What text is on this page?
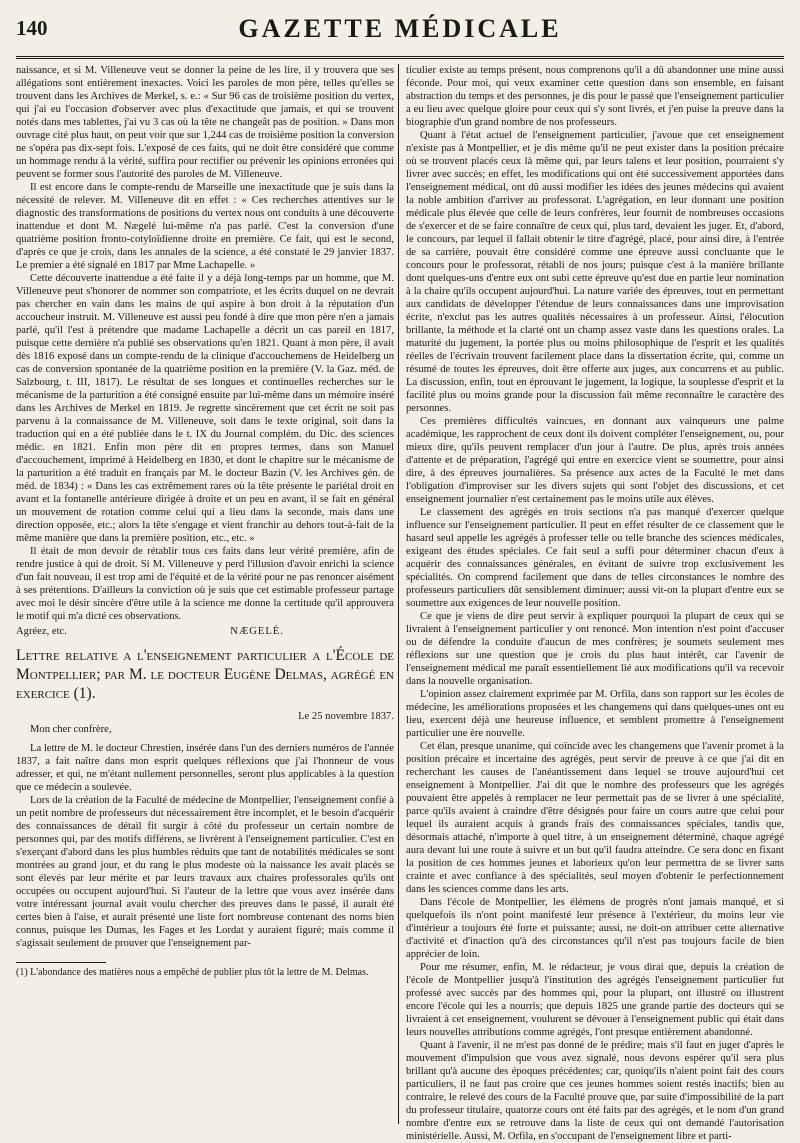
140	GAZETTE MÉDICALE

naissance, et si M. Villeneuve veut se donner la peine de les lire, il y trouvera que ses allégations sont entièrement inexactes. Voici les paroles de mon père, telles qu'elles se trouvent dans les Archives de Merkel, s. e.: « Sur 96 cas de troisième position du vertex, qui j'ai eu l'occasion d'observer avec plus d'exactitude que jamais, et qui se trouvent notés dans mes tablettes, j'ai vu 3 cas où la tête ne changeât pas de position. » Dans mon ouvrage cité plus haut, on peut voir que sur 1,244 cas de troisième position la conversion ne s'opéra pas dix-sept fois. L'exposé de ces faits, qui ne doit être considéré que comme un hommage rendu à la vérité, suffira pour rectifier ou prévenir les opinions erronées qui peuvent se former sous l'autorité des paroles de M. Villeneuve.

Il est encore dans le compte-rendu de Marseille une inexactitude que je suis dans la nécessité de relever. M. Villeneuve dit en effet : « Ces recherches attentives sur le diagnostic des transformations de positions du vertex nous ont conduits à une découverte inattendue et dont M. Nægelé lui-même n'a pas parlé. C'est la conversion d'une quatrième position fronto-cotyloïdienne droite en première. Ce fait, qui est le second, d'après ce que je crois, dans les annales de la science, a été constaté le 29 janvier 1837. Le premier a été signalé en 1817 par Mme Lachapelle. »

Cette découverte inattendue a été faite il y a déjà long-temps par un homme, que M. Villeneuve peut s'honorer de nommer son compatriote, et les écrits duquel on ne devrait pas chercher en vain dans les mains de qui aspire à bon droit à la réputation d'un accoucheur instruit. M. Villeneuve est aussi peu fondé à dire que mon père n'en a jamais parlé, qu'il l'est à prétendre que madame Lachapelle a décrit un cas pareil en 1817, puisque cette dernière n'a publié ses observations qu'en 1821. Quant à mon père, il avait dès 1816 exposé dans un compte-rendu de la clinique d'accouchemens de Heidelberg un cas de conversion spontanée de la quatrième position en la première (V. la Gaz. méd. de Salzbourg, t. III, 1817). Le résultat de ses longues et continuelles recherches sur le mécanisme de la parturition a été consigné ensuite par lui-même dans un mémoire inséré dans les Archives de Merkel en 1819. Je regrette sincèrement que cet écrit ne soit pas parvenu à la connaissance de M. Villeneuve, soit dans le texte original, soit dans la traduction qui en a été publiée dans le t. IX du Journal complém. du Dic. des sciences médic. en 1821. Enfin mon père dit en propres termes, dans son Manuel d'accouchement, imprimé à Heidelberg en 1830, et dont le chapitre sur le mécanisme de la parturition a été traduit en français par M. le docteur Bazin (V. les Archives gén. de méd. de 1834) : « Dans les cas extrêmement rares où la tête présente le pariétal droit en avant et la fontanelle antérieure dirigée à droite et un peu en avant, il se fait en général un mouvement de rotation comme celui qui a lieu dans la seconde, mais dans une direction opposée, etc.; alors la tête s'engage et vient franchir au dehors tout-à-fait de la même manière que dans la première position, etc., etc. »

Il était de mon devoir de rétablir tous ces faits dans leur vérité première, afin de rendre justice à qui de droit. Si M. Villeneuve y perd l'illusion d'avoir enrichi la science d'un fait nouveau, il est trop ami de l'équité et de la vérité pour ne pas renoncer aisément à ses prétentions. D'ailleurs la conviction où je suis que cet estimable professeur partage avec moi le désir sincère d'être utile à la science me donne la certitude qu'il approuvera le motif qui m'a dicté ces observations.

Agréez, etc.	NÆGELÉ.

Lettre relative a l'enseignement particulier a l'École de Montpellier; par M. le docteur Eugène Delmas, agrégé en exercice (1).

Le 25 novembre 1837.

Mon cher confrère,

La lettre de M. le docteur Chrestien, insérée dans l'un des derniers numéros de l'année 1837, a fait naître dans mon esprit quelques réflexions que j'ai l'honneur de vous adresser, et qui, ne m'étant nullement personnelles, seront plus applicables à la question que ce médecin a soulevée.

Lors de la création de la Faculté de médecine de Montpellier, l'enseignement confié à un petit nombre de professeurs dut nécessairement être incomplet, et le besoin d'acquérir des connaissances de détail fit surgir à côté du professeur un certain nombre de personnes qui, par des motifs différens, se livrèrent à l'enseignement particulier. C'est en s'exerçant d'abord dans les plus humbles réduits que tant de notabilités médicales se sont montrées au grand jour, et du rang le plus modeste où la naissance les avait placés se sont élevés par leur mérite et par leurs travaux aux chaires professorales qu'ils ont occupées ou occupent aujourd'hui. Si l'auteur de la lettre que vous avez insérée dans votre intéressant journal avait voulu chercher des preuves dans le passé, il aurait été certes bien à l'aise, et aurait présenté une liste fort nombreuse contenant des noms bien connus, puisque les Dumas, les Fages et les Lordat y auraient figuré; mais comme il s'agissait seulement de prouver que l'enseignement par-

(1) L'abondance des matières nous a empêché de publier plus tôt la lettre de M. Delmas.

ticulier existe au temps présent, nous comprenons qu'il a dû abandonner une mine aussi féconde. Pour moi, qui veux examiner cette question dans son ensemble, en faisant abstraction du temps et des personnes, je dis pour le passé que l'enseignement particulier a eu lieu avec quelque gloire pour ceux qui s'y sont livrés, et j'en puise la preuve dans la biographie d'un grand nombre de nos professeurs.

Quant à l'état actuel de l'enseignement particulier, j'avoue que cet enseignement n'existe pas à Montpellier, et je dis même qu'il ne peut exister dans la position précaire où se trouvent placés ceux là même qui, par leurs talens et leur position, pourraient s'y livrer avec succès; en effet, les modifications qui ont été successivement apportées dans l'enseignement médical, ont dû aussi modifier les idées des jeunes médecins qui avaient la noble ambition d'arriver au professorat. L'agrégation, en leur donnant une position médicale plus élevée que celle de leurs confrères, leur fournit de nombreuses occasions de s'exercer et de se faire connaître de ceux qui, plus tard, devaient les juger. Et, d'abord, le concours, par lequel il fallait obtenir le titre d'agrégé, placé, pour ainsi dire, à l'entrée de sa carrière, pouvait être considéré comme une épreuve aussi concluante que le concours pour le professorat, rétabli de nos jours; puisque c'est à la manière brillante dont quelques-uns d'entre eux ont subi cette épreuve qu'est due en partie leur nomination à la chaire qu'ils occupent aujourd'hui. La nature variée des épreuves, tout en permettant aux candidats de développer l'étendue de leurs connaissances dans une improvisation écrite, n'exclut pas les autres qualités nécessaires à un professeur. Ainsi, l'élocution brillante, la méthode et la clarté ont un champ assez vaste dans les questions orales. La maturité du jugement, la portée plus ou moins philosophique de l'esprit et les qualités réelles de l'écrivain trouvent facilement place dans la dissertation écrite, qui, comme un résumé de toutes les épreuves, doit être offerte aux juges, aux concurrens et au public. La discussion, enfin, tout en éprouvant le jugement, la logique, la souplesse d'esprit et la facilité plus ou moins grande pour la discussion fait même reconnaître le caractère des personnes.

Ces premières difficultés vaincues, en donnant aux vainqueurs une palme académique, les rapprochent de ceux dont ils doivent compléter l'enseignement, ou, pour mieux dire, qu'ils peuvent remplacer d'un jour à l'autre. De plus, après trois années d'attente et de préparation, l'agrégé qui entre en exercice vient se soumettre, pour ainsi dire, à des épreuves journalières. Sa présence aux actes de la Faculté le met dans l'obligation d'improviser sur les divers sujets qui sont l'objet des discussions, et cet enseignement journalier n'est certainement pas le moins utile aux élèves.

Le classement des agrégés en trois sections n'a pas manqué d'exercer quelque influence sur l'enseignement particulier. Il peut en effet résulter de ce classement que le hasard seul appelle les agrégés à professer telle ou telle branche des sciences médicales, exigeant des études spéciales. Ce fait seul a suffi pour déterminer chacun d'eux à acquérir des connaissances générales, en évitant de suivre trop exclusivement les spécialités. On comprend facilement que dans de telles circonstances le nombre des professeurs particuliers dût sensiblement diminuer; aussi vit-on la plupart d'entre eux se soumettre aux exigences de leur nouvelle position.

Ce que je viens de dire peut servir à expliquer pourquoi la plupart de ceux qui se livraient à l'enseignement particulier y ont renoncé. Mon intention n'est point d'accuser ou de défendre la conduite d'aucun de mes confrères; je soumets seulement mes réflexions sur une question que je crois du plus haut intérêt, car l'avenir de l'enseignement médical me paraît essentiellement lié aux modifications qu'il va recevoir dans la nouvelle organisation.

L'opinion assez clairement exprimée par M. Orfila, dans son rapport sur les écoles de médecine, les améliorations proposées et les changemens qui dans quelques-unes ont eu lieu, exercent déjà une heureuse influence, et semblent promettre à l'enseignement particulier une ère nouvelle.

Cet élan, presque unanime, qui coïncide avec les changemens que l'avenir promet à la position précaire et incertaine des agrégés, peut servir de preuve à ce que j'ai dit en recherchant les causes de l'anéantissement dans lequel se trouve aujourd'hui cet enseignement à Montpellier. J'ai dit que le nombre des professeurs que les agrégés pouvaient être appelés à remplacer ne leur permettait pas de se livrer à une spécialité, parce qu'ils avaient à craindre d'être désignés pour faire un cours autre que celui pour lequel ils auraient acquis à grands frais des connaissances spéciales, tandis que, désormais attaché, n'importe à quel titre, à un enseignement déterminé, chaque agrégé aura devant lui une route à suivre et un but qu'il faudra atteindre. Ce sera donc en fixant la position de ces hommes jeunes et laborieux qu'on leur permettra de se livrer sans crainte et avec confiance à des spécialités, seul moyen d'obtenir le perfectionnement dans les sciences comme dans les arts.

Dans l'école de Montpellier, les élémens de progrès n'ont jamais manqué, et si quelquefois ils n'ont point manifesté leur présence à l'extérieur, du moins leur vie d'intérieur a toujours été forte et puissante; aussi, ne doit-on attribuer cette alternative d'activité et d'inaction qu'à des circonstances qu'il n'est pas toujours facile de bien apprécier de loin.

Pour me résumer, enfin, M. le rédacteur, je vous dirai que, depuis la création de l'école de Montpellier jusqu'à l'institution des agrégés l'enseignement particulier fut professé avec succès par des hommes qui, pour la plupart, ont illustré ou illustrent encore l'école qui les a nourris; que depuis 1825 une grande partie des docteurs qui se livraient à cet enseignement, voulurent se dévouer à l'enseignement public qui était dans leurs nouvelles attributions comme agrégés, l'ont presque entièrement abandonné.

Quant à l'avenir, il ne m'est pas donné de le prédire; mais s'il faut en juger d'après le mouvement d'impulsion que vous avez signalé, nous devons espérer qu'il sera plus brillant qu'à aucune des époques précédentes; car, quoiqu'ils n'aient point fait des cours particuliers, il ne faut pas croire que ces jeunes hommes soient restés inactifs; bien au contraire, le relevé des cours de la Faculté prouve que, par suite d'impossibilité de la part du professeur titulaire, quatorze cours ont été faits par des agrégés, et le nom d'un grand nombre d'entre eux se retrouve dans la liste de ceux qui ont demandé l'autorisation ministérielle. Aussi, M. Orfila, en s'occupant de l'enseignement libre et parti-
